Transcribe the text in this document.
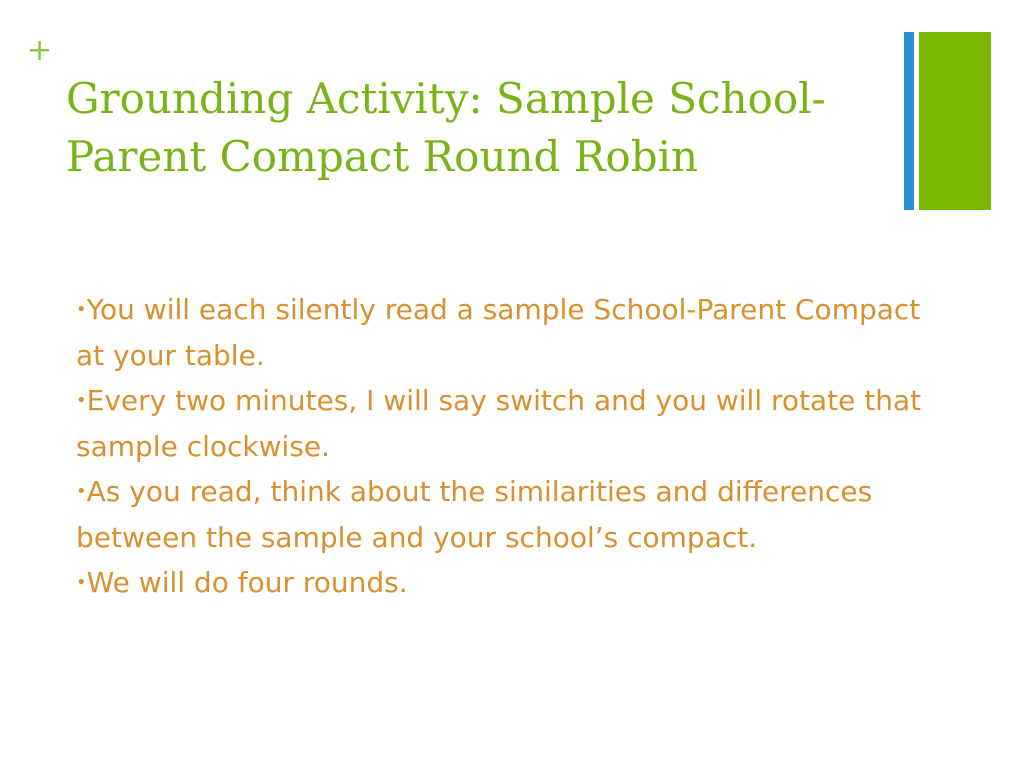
+
Grounding Activity: Sample School-Parent Compact Round Robin
•You will each silently read a sample School-Parent Compact at your table.
•Every two minutes, I will say switch and you will rotate that sample clockwise.
•As you read, think about the similarities and differences between the sample and your school’s compact.
•We will do four rounds.
